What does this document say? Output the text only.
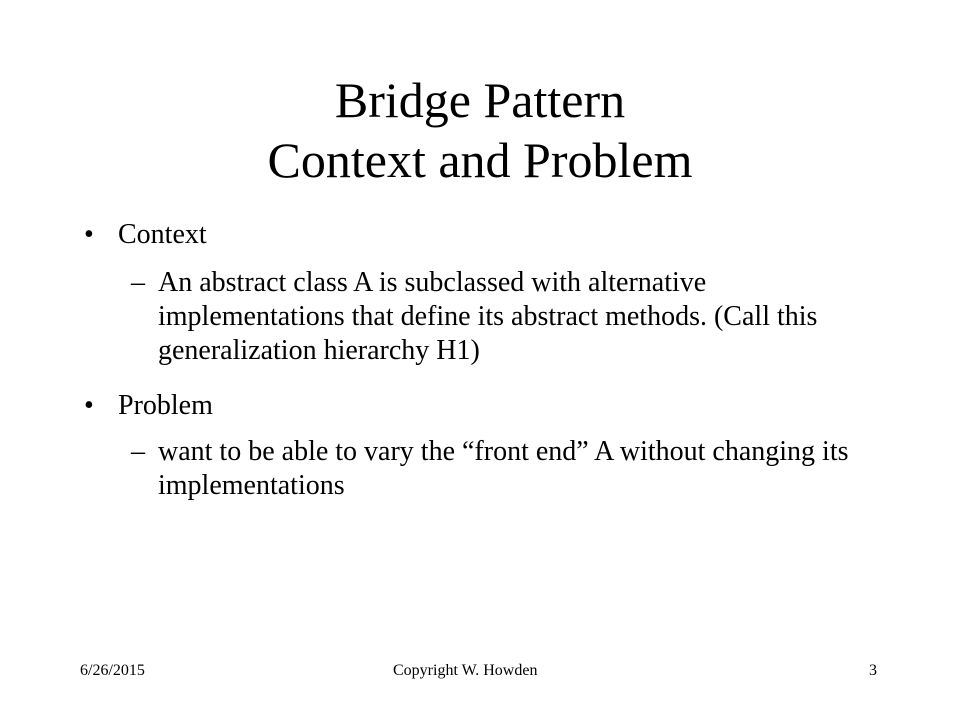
Bridge Pattern
Context and Problem
• Context
– An abstract class A is subclassed with alternative implementations that define its abstract methods. (Call this generalization hierarchy H1)
• Problem
– want to be able to vary the “front end” A without changing its implementations
6/26/2015	Copyright W. Howden	3
